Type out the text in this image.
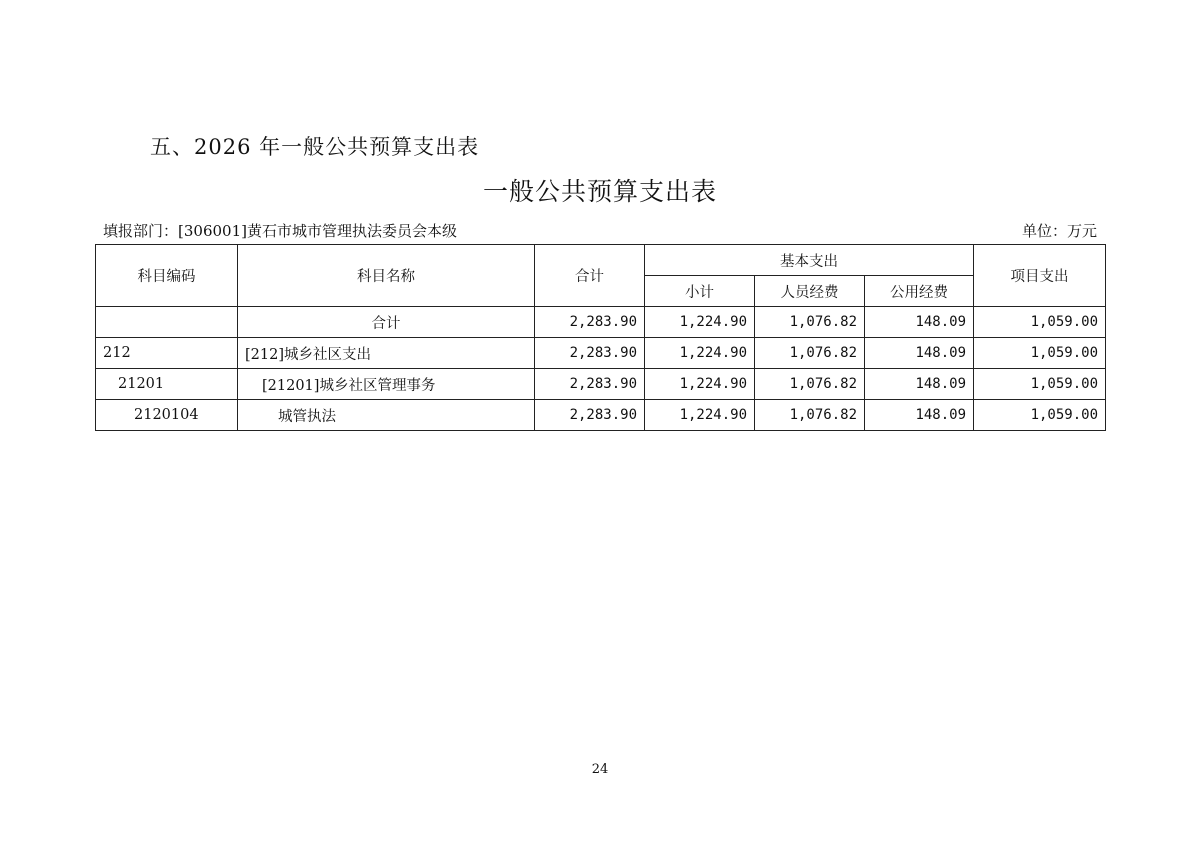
五、2026 年一般公共预算支出表
一般公共预算支出表
填报部门：[306001]黄石市城市管理执法委员会本级	单位：万元
科目编码	科目名称	合计	基本支出			项目支出
			小计	人员经费	公用经费	
	合计	2,283.90	1,224.90	1,076.82	148.09	1,059.00
212	[212]城乡社区支出	2,283.90	1,224.90	1,076.82	148.09	1,059.00
21201	[21201]城乡社区管理事务	2,283.90	1,224.90	1,076.82	148.09	1,059.00
2120104	城管执法	2,283.90	1,224.90	1,076.82	148.09	1,059.00
24
